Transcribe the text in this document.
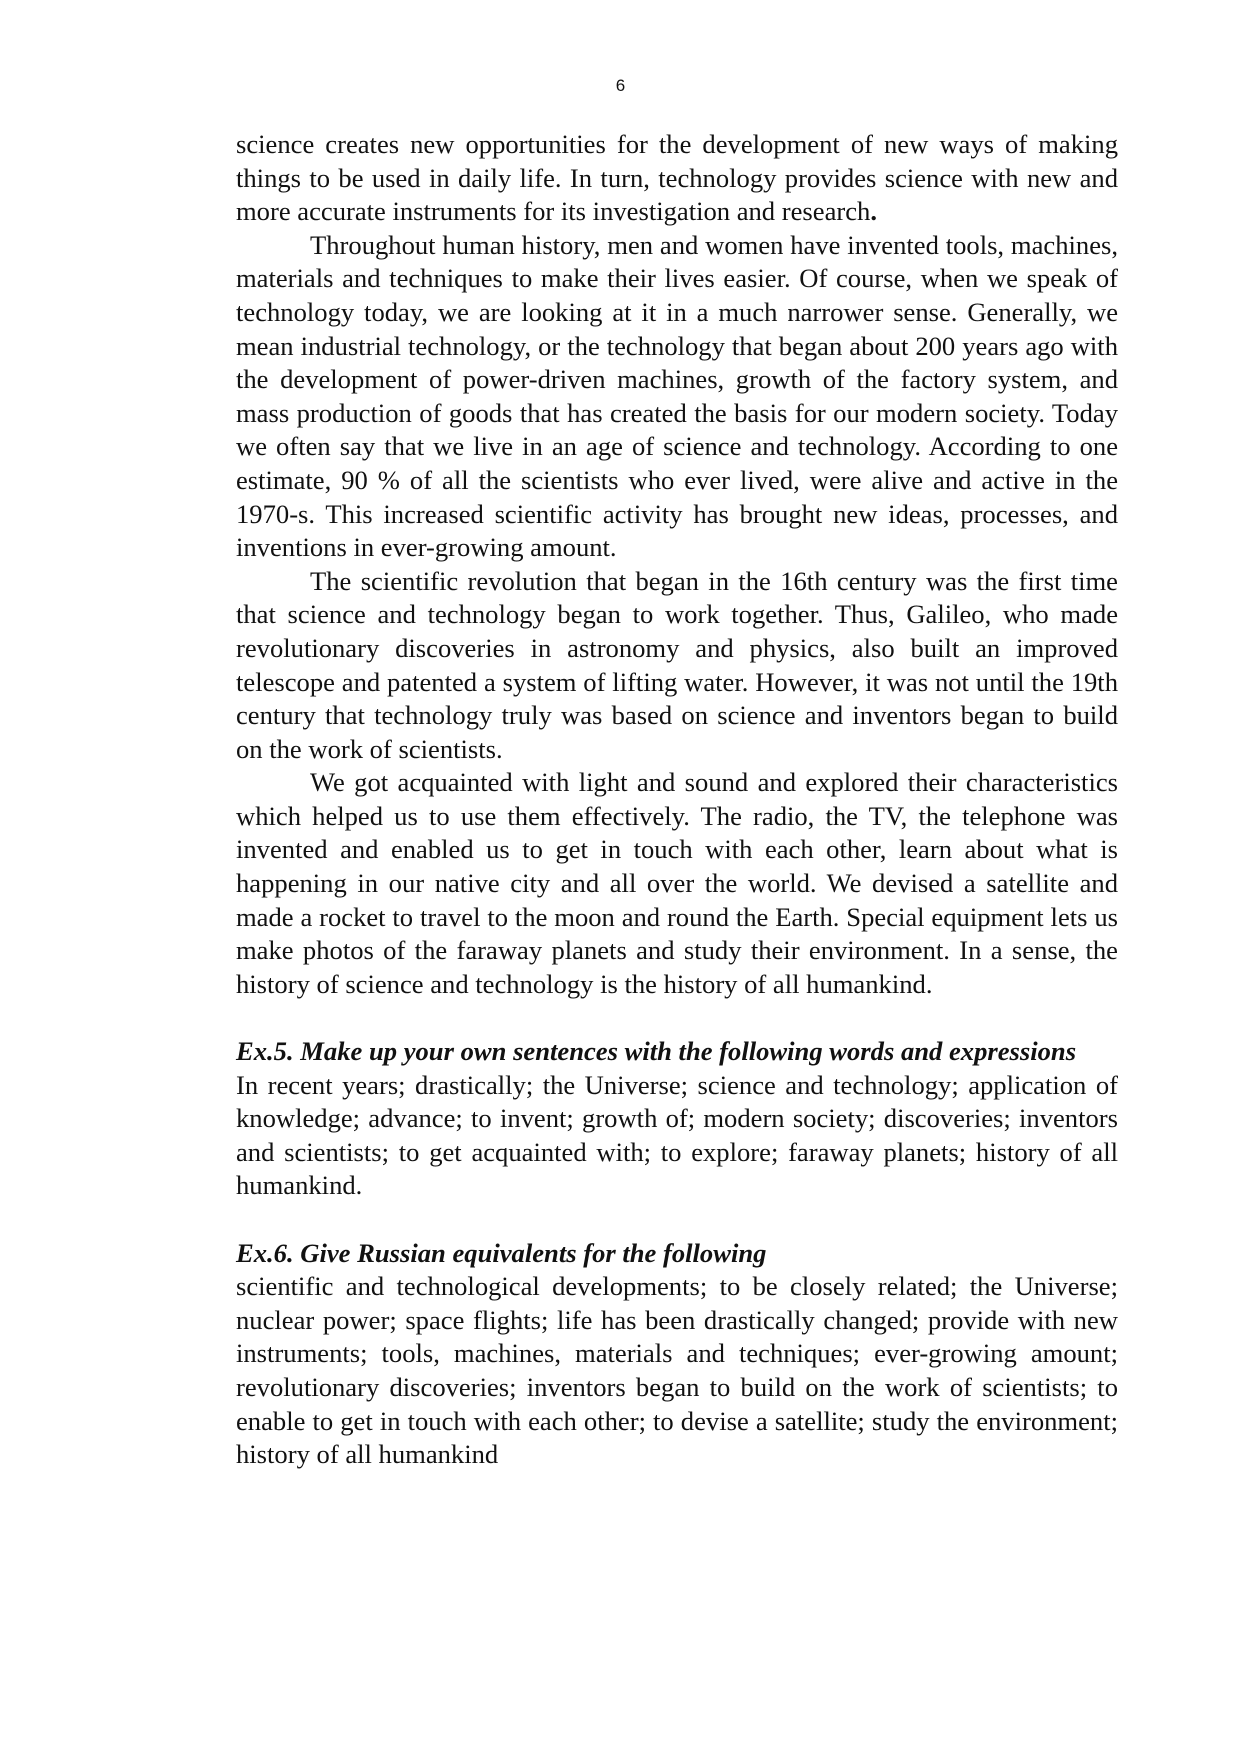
6

science creates new opportunities for the development of new ways of making things to be used in daily life. In turn, technology provides science with new and more accurate instruments for its investigation and research.

Throughout human history, men and women have invented tools, machines, materials and techniques to make their lives easier. Of course, when we speak of technology today, we are looking at it in a much narrower sense. Generally, we mean industrial technology, or the technology that began about 200 years ago with the development of power-driven machines, growth of the factory system, and mass production of goods that has created the basis for our modern society. Today we often say that we live in an age of science and technology. According to one estimate, 90 % of all the scientists who ever lived, were alive and active in the 1970-s. This increased scientific activity has brought new ideas, processes, and inventions in ever-growing amount.

The scientific revolution that began in the 16th century was the first time that science and technology began to work together. Thus, Galileo, who made revolutionary discoveries in astronomy and physics, also built an improved telescope and patented a system of lifting water. However, it was not until the 19th century that technology truly was based on science and inventors began to build on the work of scientists.

We got acquainted with light and sound and explored their characteristics which helped us to use them effectively. The radio, the TV, the telephone was invented and enabled us to get in touch with each other, learn about what is happening in our native city and all over the world. We devised a satellite and made a rocket to travel to the moon and round the Earth. Special equipment lets us make photos of the faraway planets and study their environment. In a sense, the history of science and technology is the history of all humankind.

Ex.5. Make up your own sentences with the following words and expressions

In recent years; drastically; the Universe; science and technology; application of knowledge; advance; to invent; growth of; modern society; discoveries; inventors and scientists; to get acquainted with; to explore; faraway planets; history of all humankind.

Ex.6. Give Russian equivalents for the following

scientific and technological developments; to be closely related; the Universe; nuclear power; space flights; life has been drastically changed; provide with new instruments; tools, machines, materials and techniques; ever-growing amount; revolutionary discoveries; inventors began to build on the work of scientists; to enable to get in touch with each other; to devise a satellite; study the environment; history of all humankind
